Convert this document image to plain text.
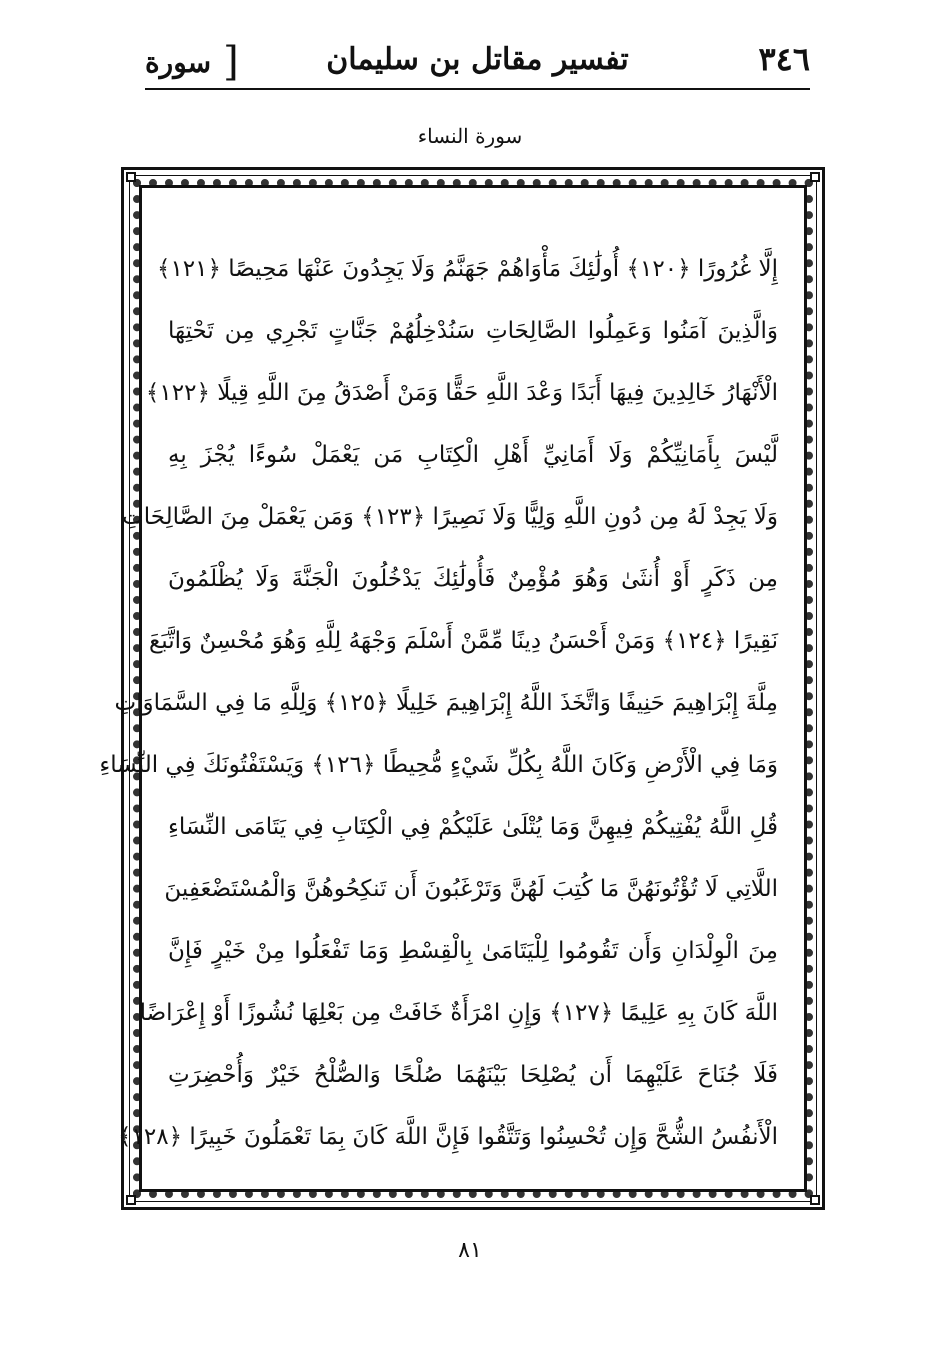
٣٤٦
تفسير مقاتل بن سليمان
[
سورة
سورة النساء
إِلَّا غُرُورًا ﴿١٢٠﴾ أُولَٰئِكَ مَأْوَاهُمْ جَهَنَّمُ وَلَا يَجِدُونَ عَنْهَا مَحِيصًا ﴿١٢١﴾
وَالَّذِينَ آمَنُوا وَعَمِلُوا الصَّالِحَاتِ سَنُدْخِلُهُمْ جَنَّاتٍ تَجْرِي مِن تَحْتِهَا
الْأَنْهَارُ خَالِدِينَ فِيهَا أَبَدًا وَعْدَ اللَّهِ حَقًّا وَمَنْ أَصْدَقُ مِنَ اللَّهِ قِيلًا ﴿١٢٢﴾
لَّيْسَ بِأَمَانِيِّكُمْ وَلَا أَمَانِيِّ أَهْلِ الْكِتَابِ مَن يَعْمَلْ سُوءًا يُجْزَ بِهِ
وَلَا يَجِدْ لَهُ مِن دُونِ اللَّهِ وَلِيًّا وَلَا نَصِيرًا ﴿١٢٣﴾ وَمَن يَعْمَلْ مِنَ الصَّالِحَاتِ
مِن ذَكَرٍ أَوْ أُنثَىٰ وَهُوَ مُؤْمِنٌ فَأُولَٰئِكَ يَدْخُلُونَ الْجَنَّةَ وَلَا يُظْلَمُونَ
نَقِيرًا ﴿١٢٤﴾ وَمَنْ أَحْسَنُ دِينًا مِّمَّنْ أَسْلَمَ وَجْهَهُ لِلَّهِ وَهُوَ مُحْسِنٌ وَاتَّبَعَ
مِلَّةَ إِبْرَاهِيمَ حَنِيفًا وَاتَّخَذَ اللَّهُ إِبْرَاهِيمَ خَلِيلًا ﴿١٢٥﴾ وَلِلَّهِ مَا فِي السَّمَاوَاتِ
وَمَا فِي الْأَرْضِ وَكَانَ اللَّهُ بِكُلِّ شَيْءٍ مُّحِيطًا ﴿١٢٦﴾ وَيَسْتَفْتُونَكَ فِي النِّسَاءِ
قُلِ اللَّهُ يُفْتِيكُمْ فِيهِنَّ وَمَا يُتْلَىٰ عَلَيْكُمْ فِي الْكِتَابِ فِي يَتَامَى النِّسَاءِ
اللَّاتِي لَا تُؤْتُونَهُنَّ مَا كُتِبَ لَهُنَّ وَتَرْغَبُونَ أَن تَنكِحُوهُنَّ وَالْمُسْتَضْعَفِينَ
مِنَ الْوِلْدَانِ وَأَن تَقُومُوا لِلْيَتَامَىٰ بِالْقِسْطِ وَمَا تَفْعَلُوا مِنْ خَيْرٍ فَإِنَّ
اللَّهَ كَانَ بِهِ عَلِيمًا ﴿١٢٧﴾ وَإِنِ امْرَأَةٌ خَافَتْ مِن بَعْلِهَا نُشُوزًا أَوْ إِعْرَاضًا
فَلَا جُنَاحَ عَلَيْهِمَا أَن يُصْلِحَا بَيْنَهُمَا صُلْحًا وَالصُّلْحُ خَيْرٌ وَأُحْضِرَتِ
الْأَنفُسُ الشُّحَّ وَإِن تُحْسِنُوا وَتَتَّقُوا فَإِنَّ اللَّهَ كَانَ بِمَا تَعْمَلُونَ خَبِيرًا ﴿١٢٨﴾
٨١
